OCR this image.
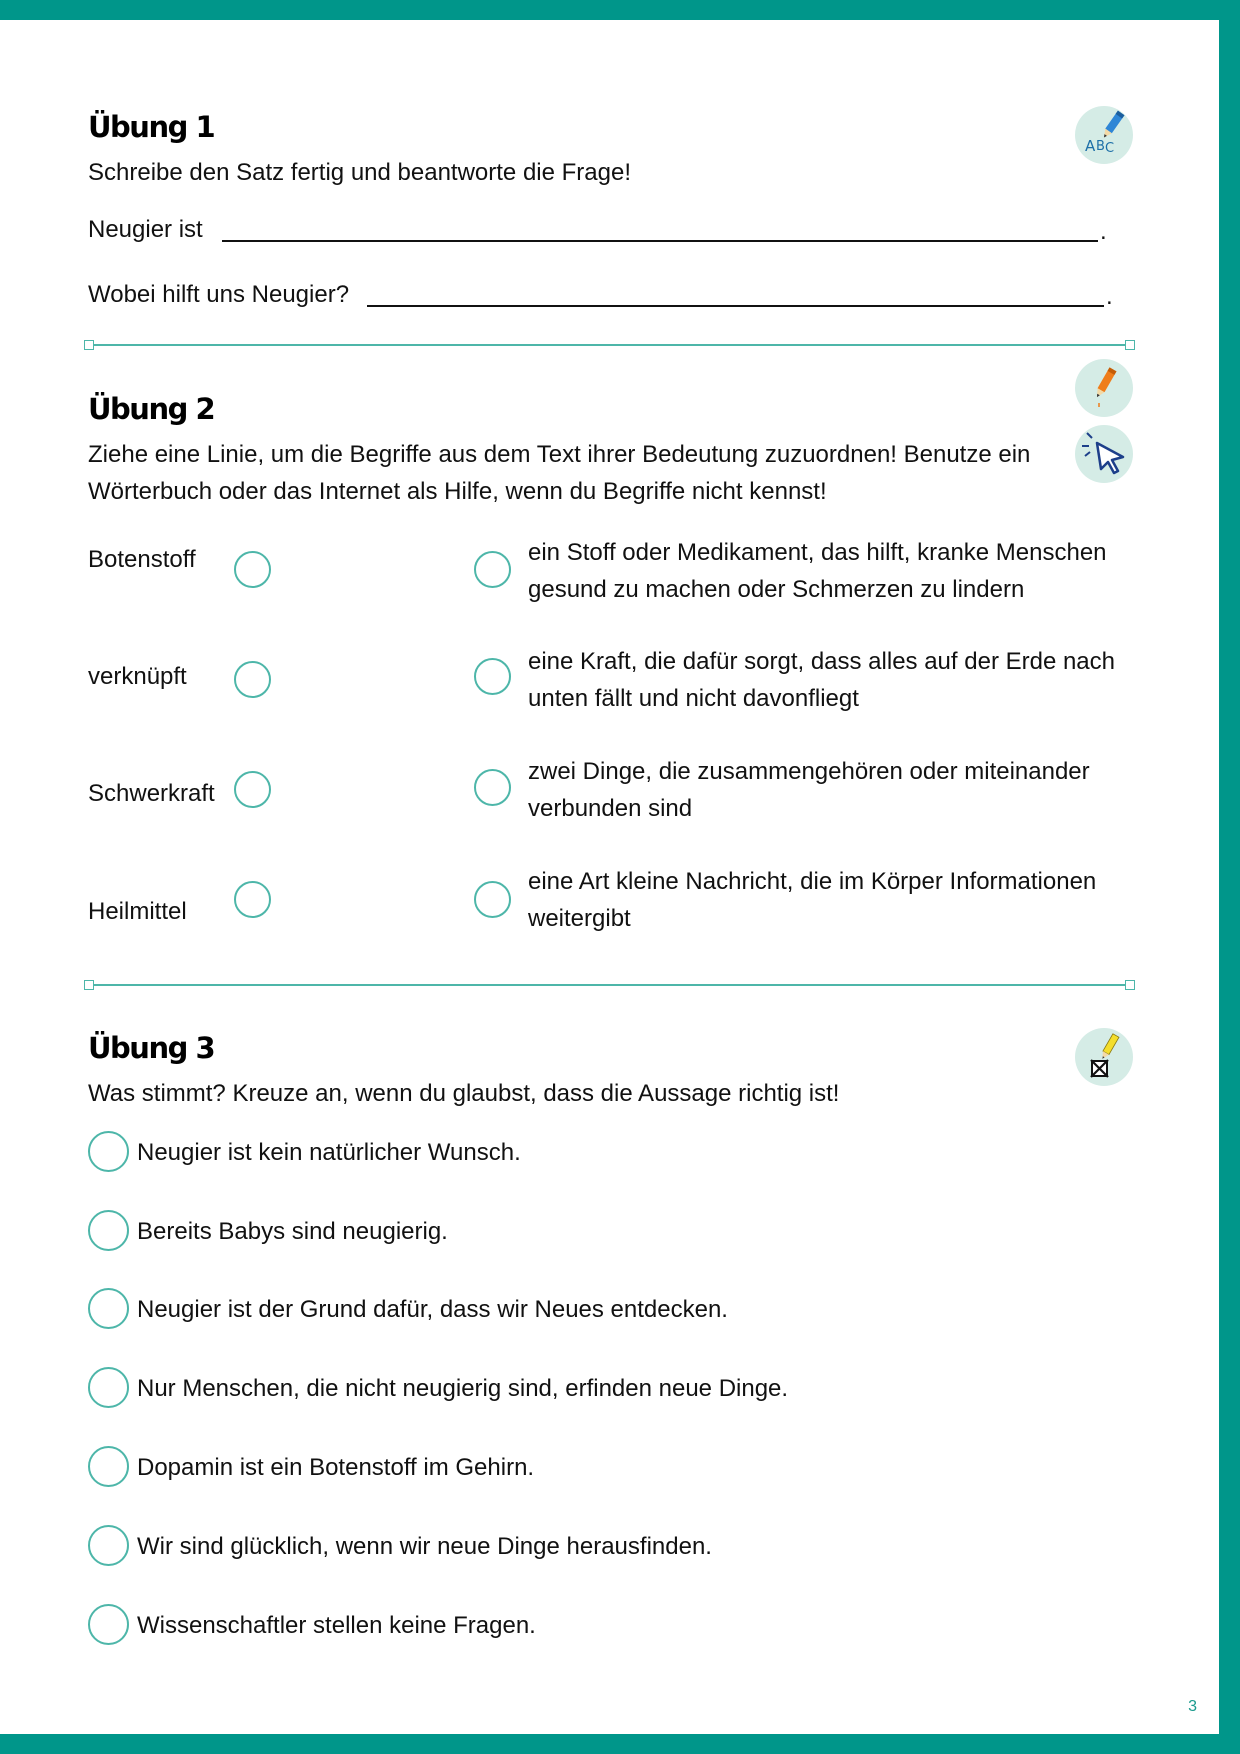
Übung 1
A B C

Schreibe den Satz fertig und beantworte die Frage!

Neugier ist	.
Wobei hilft uns Neugier?	.
Übung 2

Ziehe eine Linie, um die Begriffe aus dem Text ihrer Bedeutung zuzuordnen! Benutze ein Wörterbuch oder das Internet als Hilfe, wenn du Begriffe nicht kennst!

Botenstoff
verknüpft
Schwerkraft
Heilmittel

ein Stoff oder Medikament, das hilft, kranke Menschen gesund zu machen oder Schmerzen zu lindern

eine Kraft, die dafür sorgt, dass alles auf der Erde nach unten fällt und nicht davonfliegt

zwei Dinge, die zusammengehören oder miteinander verbunden sind

eine Art kleine Nachricht, die im Körper Informationen weitergibt

Übung 3

Was stimmt? Kreuze an, wenn du glaubst, dass die Aussage richtig ist!

Neugier ist kein natürlicher Wunsch.
Bereits Babys sind neugierig.
Neugier ist der Grund dafür, dass wir Neues entdecken.
Nur Menschen, die nicht neugierig sind, erfinden neue Dinge.
Dopamin ist ein Botenstoff im Gehirn.
Wir sind glücklich, wenn wir neue Dinge herausfinden.
Wissenschaftler stellen keine Fragen.
3
